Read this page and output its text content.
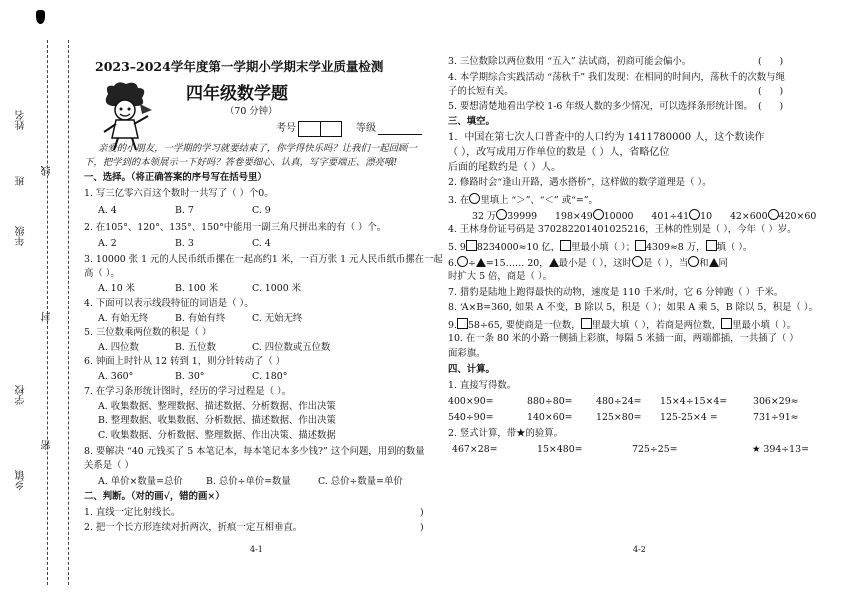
乡镇
密
学校
封
年级
班
线
姓名
2023–2024学年度第一学期小学期末学业质量检测
四年级数学题
（70 分钟）
考号	等级
亲爱的小朋友，一学期的学习就要结束了，你学得快乐吗？让我们一起回顾一
下，把学到的本领展示一下好吗？答卷要细心、认真，写字要端正、漂亮哦!
一、选择。（将正确答案的序号写在括号里）
1. 写三亿零六百这个数时一共写了（ ）个0。
A. 4	B. 7	C. 9
2. 在105°、120°、135°、150°中能用一副三角尺拼出来的有（ ）个。
A. 2	B. 3	C. 4
3. 10000 张 1 元的人民币纸币摞在一起高约1 米，一百万张 1 元人民币纸币摞在一起
高（ ）。
A. 10 米	B. 100 米	C. 1000 米
4. 下面可以表示线段特征的词语是（ ）。
A. 有始无终	B. 有始有终	C. 无始无终
5. 三位数乘两位数的积是（ ）
A. 四位数	B. 五位数	C. 四位数或五位数
6. 钟面上时针从 12 转到 1，则分针转动了（ ）
A. 360°	B. 30°	C. 180°
7. 在学习条形统计图时，经历的学习过程是（ ）。
A. 收集数据、整理数据、描述数据、分析数据、作出决策
B. 整理数据、收集数据、分析数据、描述数据、作出决策
C. 收集数据、分析数据、整理数据、作出决策、描述数据
8. 要解决 “40 元钱买了 5 本笔记本，每本笔记本多少钱?” 这个问题，用到的数量
关系是（ ）
A. 单价×数量=总价 B. 总价÷单价=数量	C. 总价÷数量=单价
二、判断。（对的画√，错的画×）
1. 直线一定比射线长。	)
2. 把一个长方形连续对折两次，折痕一定互相垂直。	)
4-1
3. 三位数除以两位数用 “五入” 法试商，初商可能会偏小。	(      )
4. 本学期综合实践活动 “荡秋千” 我们发现：在相同的时间内，荡秋千的次数与绳
子的长短有关。	(      )
5. 要想清楚地看出学校 1-6 年级人数的多少情况，可以选择条形统计图。 (      )
三、填空。
1．中国在第七次人口普查中的人口约为 1411780000 人，这个数读作
（ ），改写成用万作单位的数是（ ）人，省略亿位
后面的尾数约是（ ）人。
2. 修路时会“逢山开路，遇水搭桥”，这样做的数学道理是（ ）。
3. 在 里填上 “＞”、“＜” 或“=”。
32 万 39999 198×49 10000 401÷41 10 42×600 420×60
4. 王林身份证号码是 370282201401025216，王林的性别是（ ），今年（ ）岁。
5. 9 8234000≈10 亿， 里最小填（ ）； 4309≈8 万， 填（ ）。
6. ÷ =15…… 20， 最小是（ ），这时 是（ ），当 和 同
时扩大 5 倍，商是（ ）。
7. 猎豹是陆地上跑得最快的动物，速度是 110 千米/时，它 6 分钟跑（ ）千米。
8. ‘A×B=360, 如果 A 不变，B 除以 5，积是（ ）；如果 A 乘 5，B 除以 5，积是（ ）。
9. 58÷65, 要使商是一位数， 里最大填（ ），若商是两位数， 里最小填（ ）。
10. 在一条 80 米的小路一侧插上彩旗，每隔 5 米插一面，两端都插，一共插了（ ）
面彩旗。
四、计算。
1. 直接写得数。
400×90=	880÷80= 480÷24= 15×4÷15×4=	306×29≈
540÷90=	140×60= 125×80= 125-25×4 =	731÷91≈
2. 竖式计算，带★的验算。
467×28=	15×480=	725÷25=	★ 394÷13=
4-2
